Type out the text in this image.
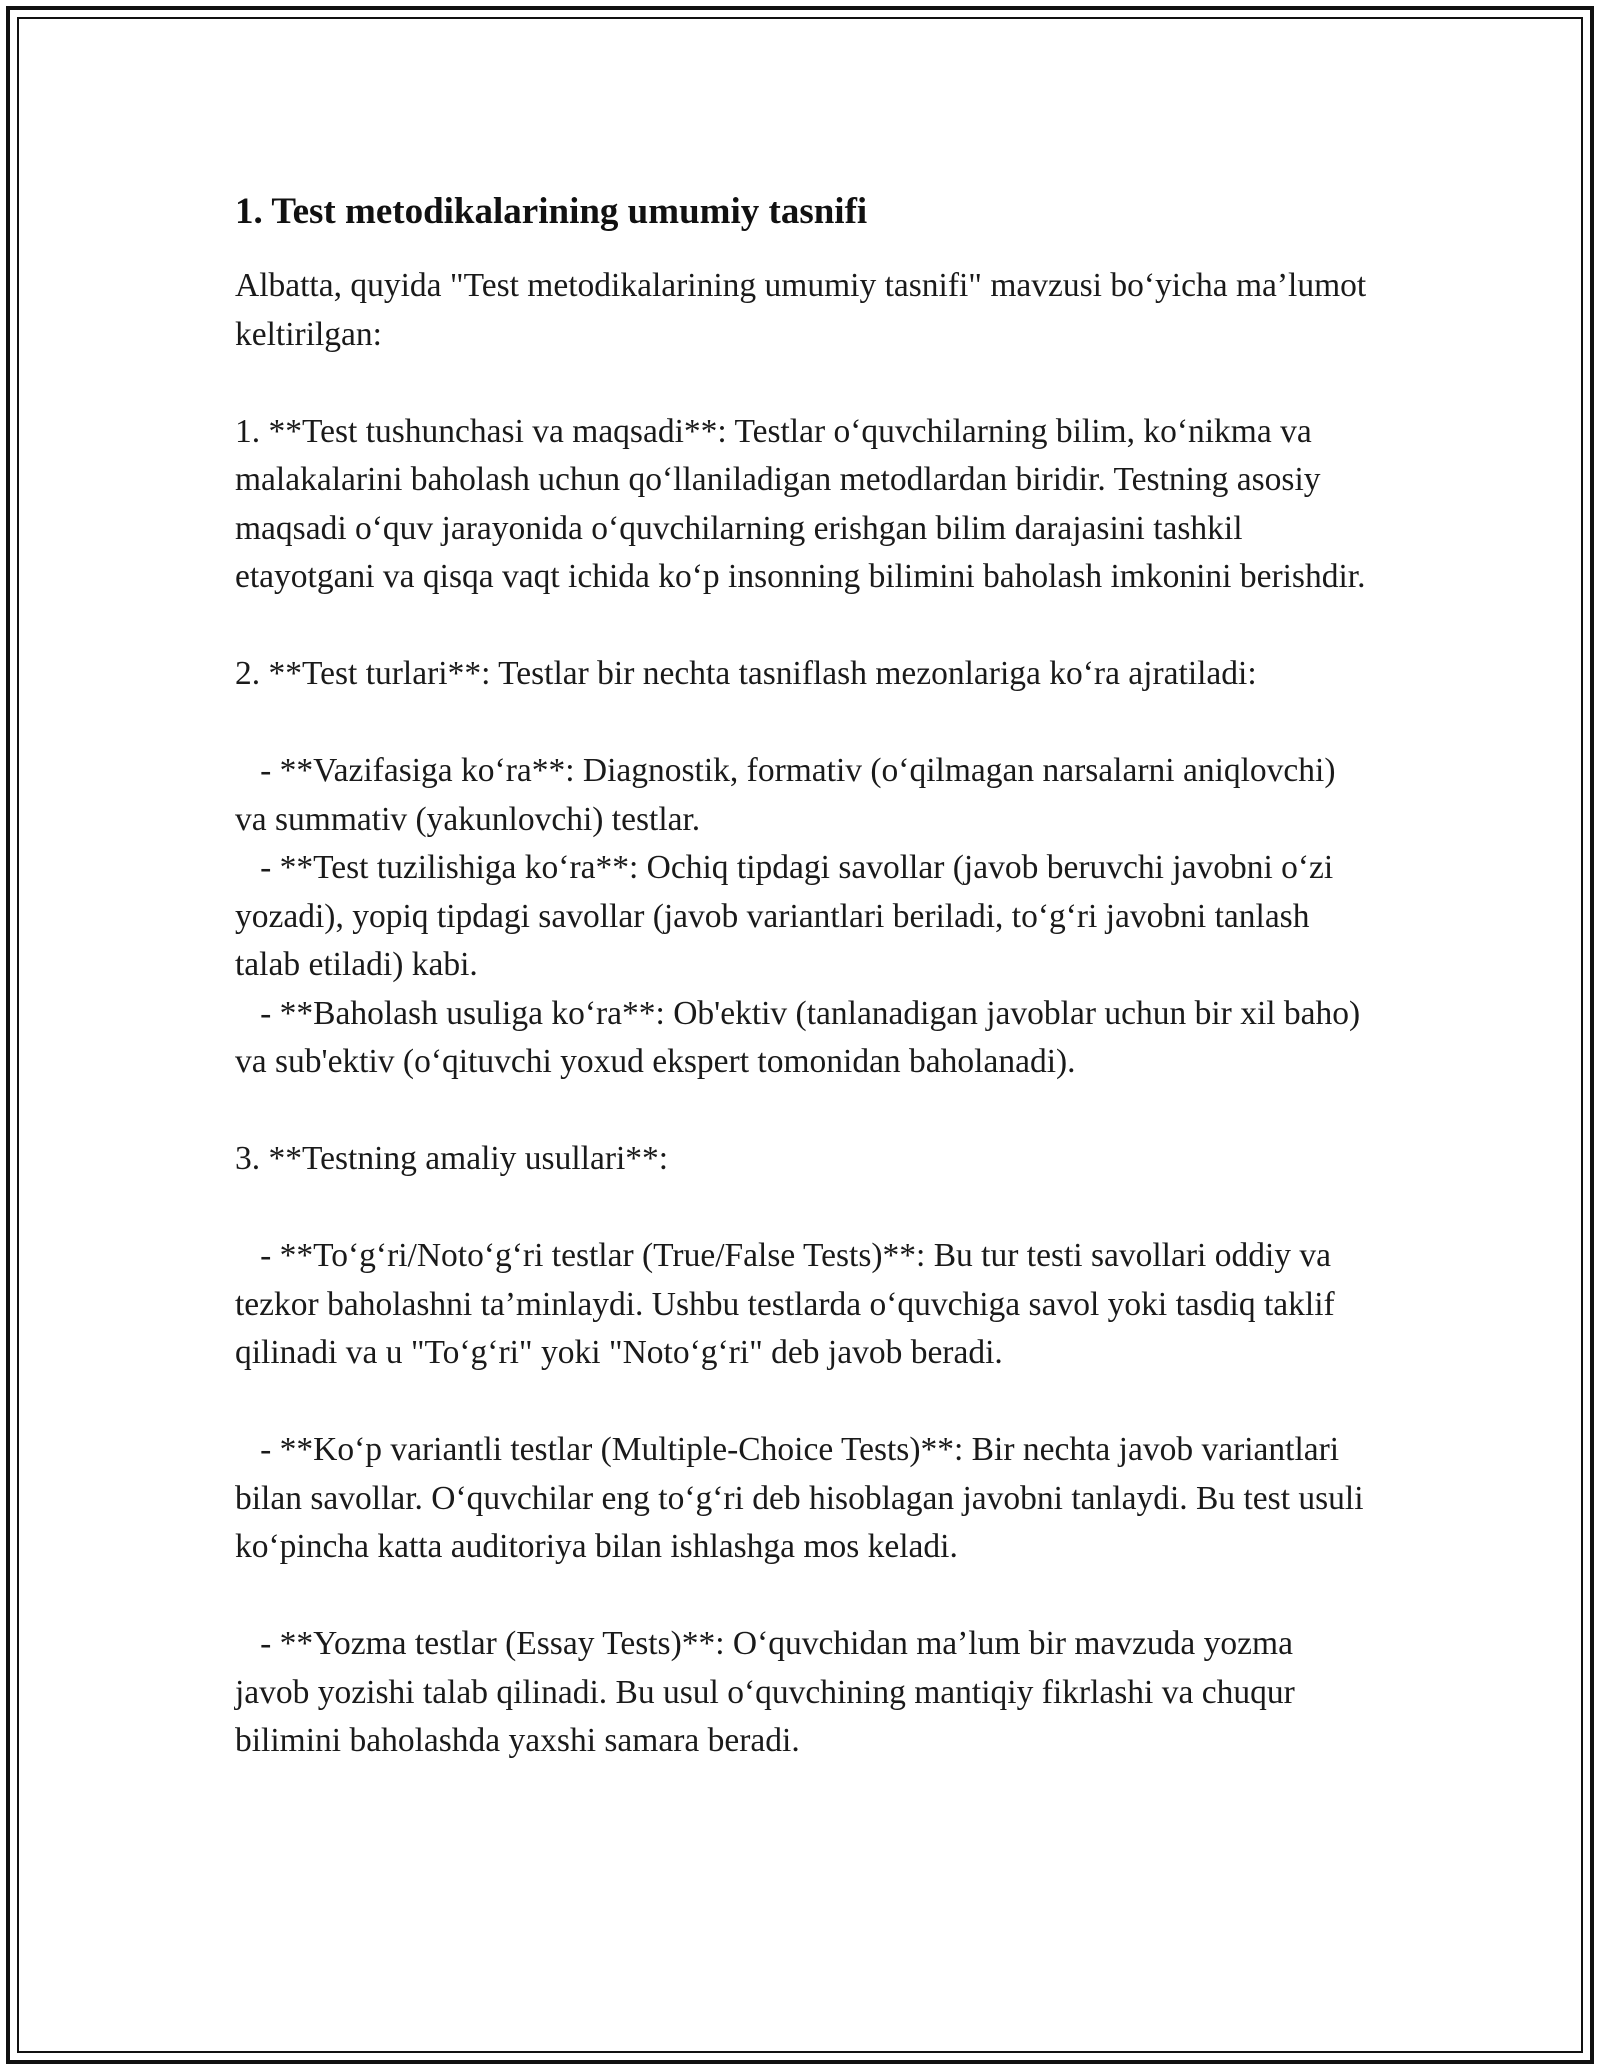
1. Test metodikalarining umumiy tasnifi

Albatta, quyida "Test metodikalarining umumiy tasnifi" mavzusi bo‘yicha ma’lumot keltirilgan:

1. **Test tushunchasi va maqsadi**: Testlar o‘quvchilarning bilim, ko‘nikma va malakalarini baholash uchun qo‘llaniladigan metodlardan biridir. Testning asosiy maqsadi o‘quv jarayonida o‘quvchilarning erishgan bilim darajasini tashkil etayotgani va qisqa vaqt ichida ko‘p insonning bilimini baholash imkonini berishdir.

2. **Test turlari**: Testlar bir nechta tasniflash mezonlariga ko‘ra ajratiladi:

- **Vazifasiga ko‘ra**: Diagnostik, formativ (o‘qilmagan narsalarni aniqlovchi) va summativ (yakunlovchi) testlar.

- **Test tuzilishiga ko‘ra**: Ochiq tipdagi savollar (javob beruvchi javobni o‘zi yozadi), yopiq tipdagi savollar (javob variantlari beriladi, to‘g‘ri javobni tanlash talab etiladi) kabi.

- **Baholash usuliga ko‘ra**: Ob'ektiv (tanlanadigan javoblar uchun bir xil baho) va sub'ektiv (o‘qituvchi yoxud ekspert tomonidan baholanadi).

3. **Testning amaliy usullari**:

- **To‘g‘ri/Noto‘g‘ri testlar (True/False Tests)**: Bu tur testi savollari oddiy va tezkor baholashni ta’minlaydi. Ushbu testlarda o‘quvchiga savol yoki tasdiq taklif qilinadi va u "To‘g‘ri" yoki "Noto‘g‘ri" deb javob beradi.

- **Ko‘p variantli testlar (Multiple-Choice Tests)**: Bir nechta javob variantlari bilan savollar. O‘quvchilar eng to‘g‘ri deb hisoblagan javobni tanlaydi. Bu test usuli ko‘pincha katta auditoriya bilan ishlashga mos keladi.

- **Yozma testlar (Essay Tests)**: O‘quvchidan ma’lum bir mavzuda yozma javob yozishi talab qilinadi. Bu usul o‘quvchining mantiqiy fikrlashi va chuqur bilimini baholashda yaxshi samara beradi.
